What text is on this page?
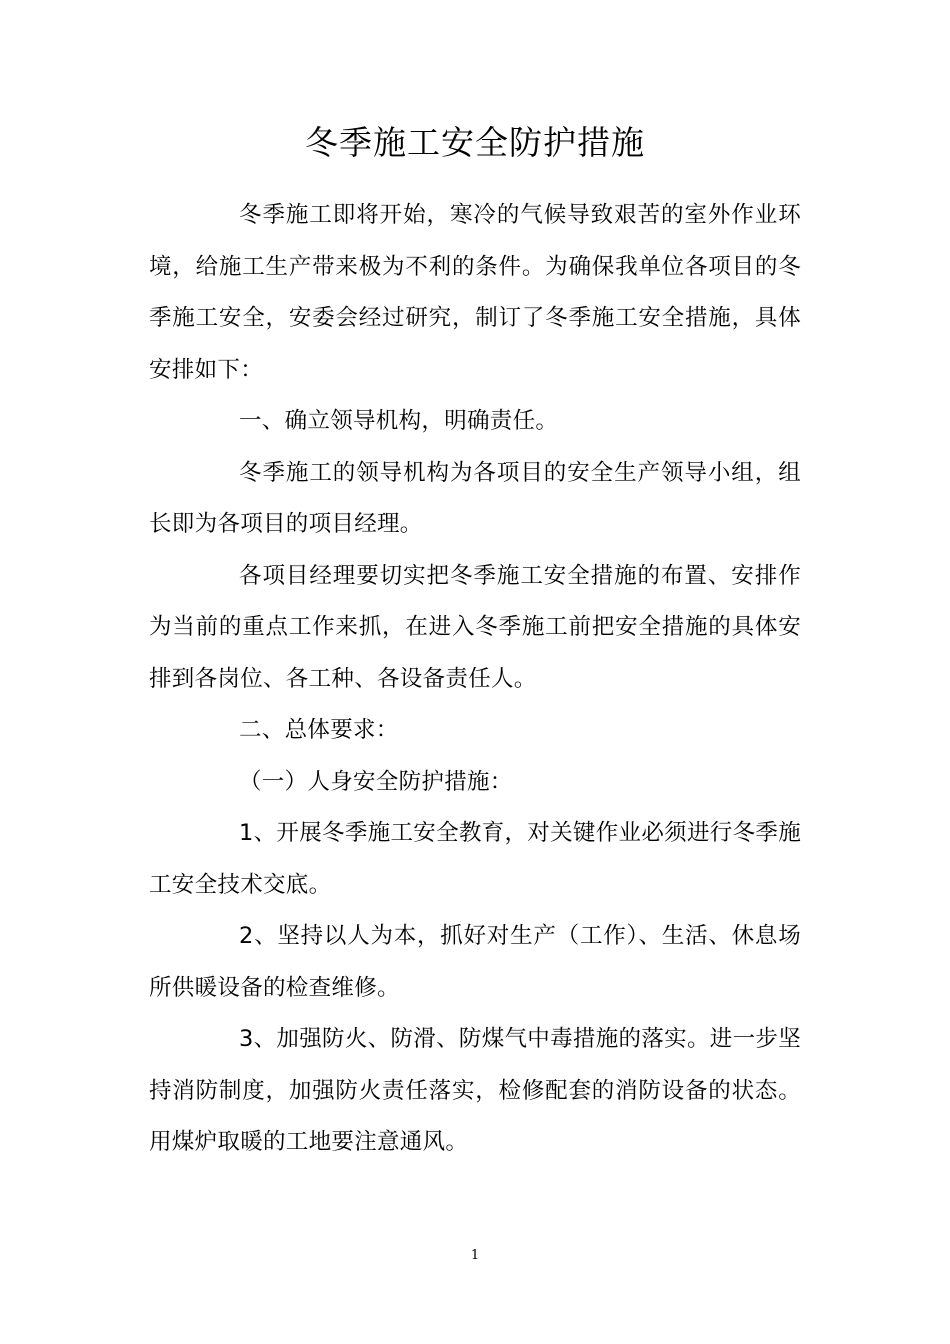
冬季施工安全防护措施

冬季施工即将开始，寒冷的气候导致艰苦的室外作业环境，给施工生产带来极为不利的条件。为确保我单位各项目的冬季施工安全，安委会经过研究，制订了冬季施工安全措施，具体安排如下：

一、确立领导机构，明确责任。

冬季施工的领导机构为各项目的安全生产领导小组，组长即为各项目的项目经理。

各项目经理要切实把冬季施工安全措施的布置、安排作为当前的重点工作来抓，在进入冬季施工前把安全措施的具体安排到各岗位、各工种、各设备责任人。

二、总体要求：

（一）人身安全防护措施：

1、开展冬季施工安全教育，对关键作业必须进行冬季施工安全技术交底。

2、坚持以人为本，抓好对生产（工作）、生活、休息场所供暖设备的检查维修。

3、加强防火、防滑、防煤气中毒措施的落实。进一步坚持消防制度，加强防火责任落实，检修配套的消防设备的状态。用煤炉取暖的工地要注意通风。

1
